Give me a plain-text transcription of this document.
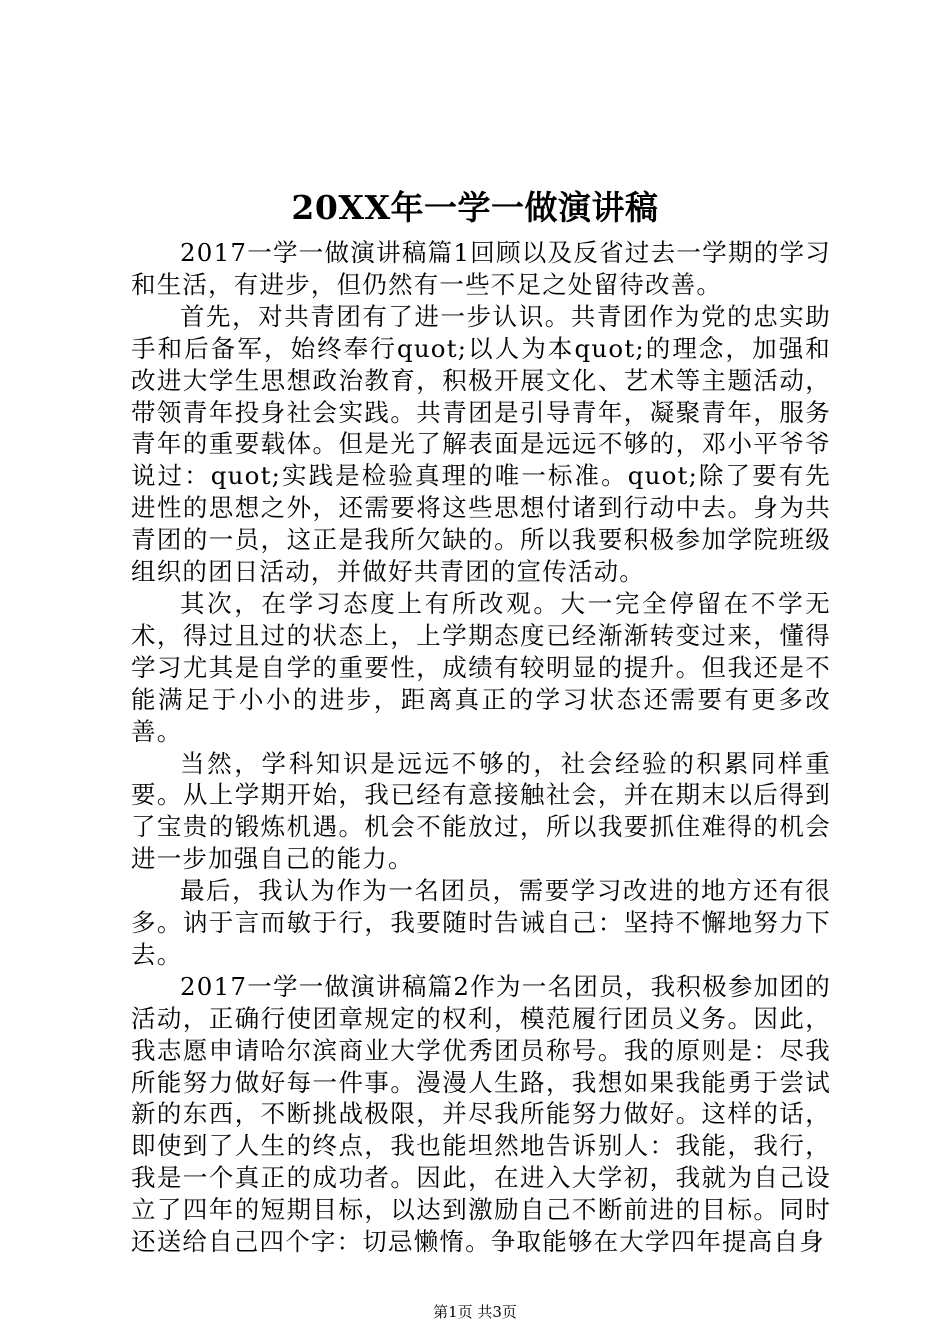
20XX年一学一做演讲稿

2017一学一做演讲稿篇1回顾以及反省过去一学期的学习和生活，有进步，但仍然有一些不足之处留待改善。

首先，对共青团有了进一步认识。共青团作为党的忠实助手和后备军，始终奉行quot;以人为本quot;的理念，加强和改进大学生思想政治教育，积极开展文化、艺术等主题活动，带领青年投身社会实践。共青团是引导青年，凝聚青年，服务青年的重要载体。但是光了解表面是远远不够的，邓小平爷爷说过：quot;实践是检验真理的唯一标准。quot;除了要有先进性的思想之外，还需要将这些思想付诸到行动中去。身为共青团的一员，这正是我所欠缺的。所以我要积极参加学院班级组织的团日活动，并做好共青团的宣传活动。

其次，在学习态度上有所改观。大一完全停留在不学无术，得过且过的状态上，上学期态度已经渐渐转变过来，懂得学习尤其是自学的重要性，成绩有较明显的提升。但我还是不能满足于小小的进步，距离真正的学习状态还需要有更多改善。

当然，学科知识是远远不够的，社会经验的积累同样重要。从上学期开始，我已经有意接触社会，并在期末以后得到了宝贵的锻炼机遇。机会不能放过，所以我要抓住难得的机会进一步加强自己的能力。

最后，我认为作为一名团员，需要学习改进的地方还有很多。讷于言而敏于行，我要随时告诫自己：坚持不懈地努力下去。

2017一学一做演讲稿篇2作为一名团员，我积极参加团的活动，正确行使团章规定的权利，模范履行团员义务。因此，我志愿申请哈尔滨商业大学优秀团员称号。我的原则是：尽我所能努力做好每一件事。漫漫人生路，我想如果我能勇于尝试新的东西，不断挑战极限，并尽我所能努力做好。这样的话，即使到了人生的终点，我也能坦然地告诉别人：我能，我行，我是一个真正的成功者。因此，在进入大学初，我就为自己设立了四年的短期目标，以达到激励自己不断前进的目标。同时还送给自己四个字：切忌懒惰。争取能够在大学四年提高自身

第1页 共3页
